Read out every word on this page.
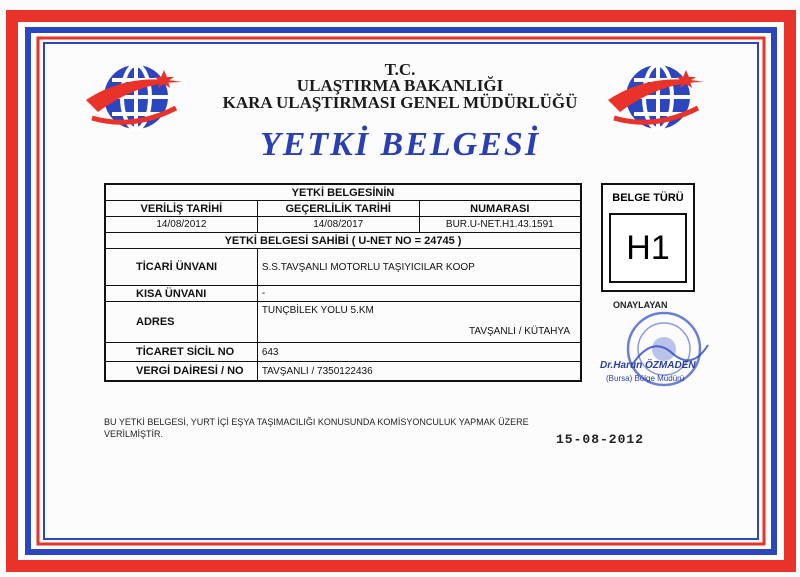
T.C.
ULAŞTIRMA BAKANLIĞI
KARA ULAŞTIRMASI GENEL MÜDÜRLÜĞÜ
YETKİ BELGESİ
YETKİ BELGESİNİN		
VERİLİŞ TARİHİ	GEÇERLİLİK TARİHİ	NUMARASI
14/08/2012	14/08/2017	BUR.U-NET.H1.43.1591
YETKİ BELGESİ SAHİBİ ( U-NET NO = 24745 )		
TİCARİ ÜNVANI	S.S.TAVŞANLI MOTORLU TAŞIYICILAR KOOP	
KISA ÜNVANI	-	
ADRES	TUNÇBİLEK YOLU 5.KM
TAVŞANLI / KÜTAHYA	

TİCARET SİCİL NO	643	
VERGİ DAİRESİ / NO	TAVŞANLI / 7350122436	
BELGE TÜRÜ
H1
ONAYLAYAN
Dr.Harun ÖZMADEN
(Bursa) Bölge Müdürü
BU YETKİ BELGESİ, YURT İÇİ EŞYA TAŞIMACILIĞI KONUSUNDA KOMİSYONCULUK YAPMAK ÜZERE VERİLMİŞTİR.	15-08-2012
